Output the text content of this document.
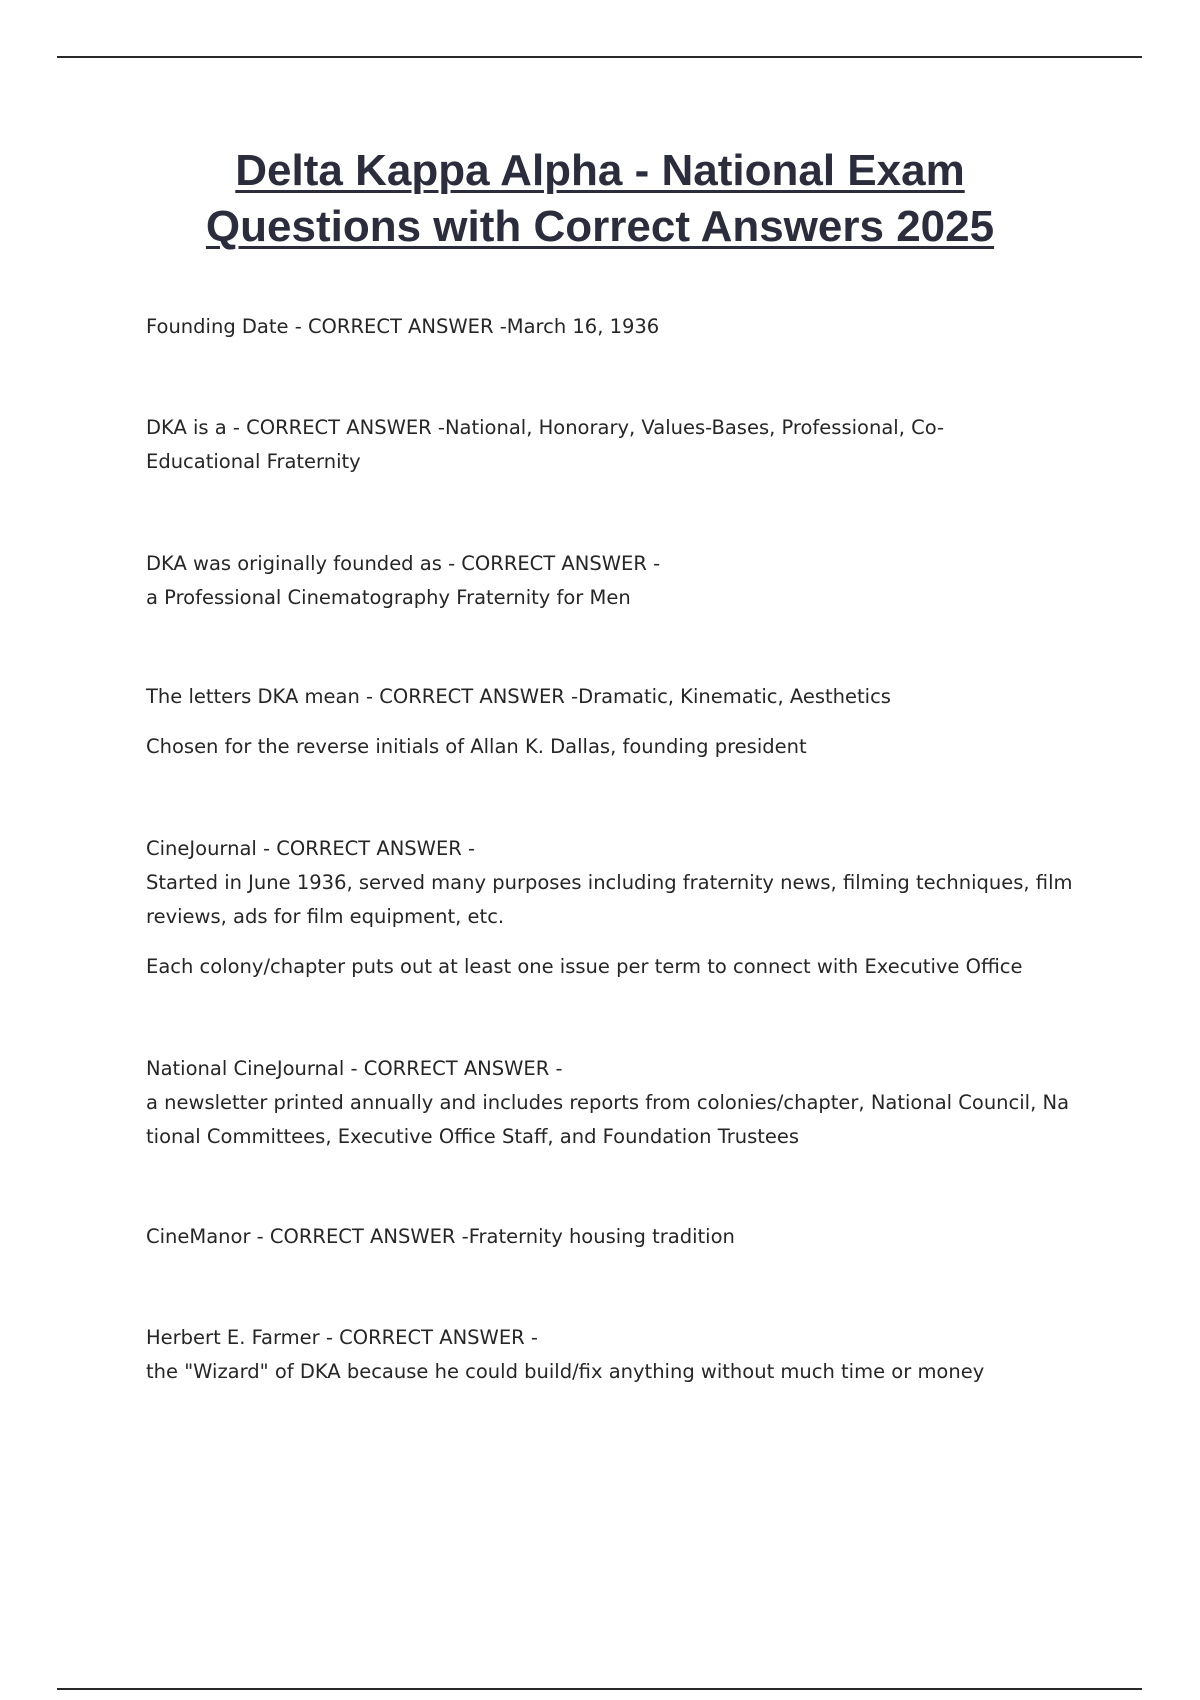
Delta Kappa Alpha - National Exam
Questions with Correct Answers 2025

Founding Date - CORRECT ANSWER -March 16, 1936

DKA is a - CORRECT ANSWER -National, Honorary, Values-Bases, Professional, Co-

Educational Fraternity

DKA was originally founded as - CORRECT ANSWER -

a Professional Cinematography Fraternity for Men

The letters DKA mean - CORRECT ANSWER -Dramatic, Kinematic, Aesthetics

Chosen for the reverse initials of Allan K. Dallas, founding president

CineJournal - CORRECT ANSWER -

Started in June 1936, served many purposes including fraternity news, filming techniques, film

reviews, ads for film equipment, etc.

Each colony/chapter puts out at least one issue per term to connect with Executive Office

National CineJournal - CORRECT ANSWER -

a newsletter printed annually and includes reports from colonies/chapter, National Council, Na

tional Committees, Executive Office Staff, and Foundation Trustees

CineManor - CORRECT ANSWER -Fraternity housing tradition

Herbert E. Farmer - CORRECT ANSWER -

the "Wizard" of DKA because he could build/fix anything without much time or money
